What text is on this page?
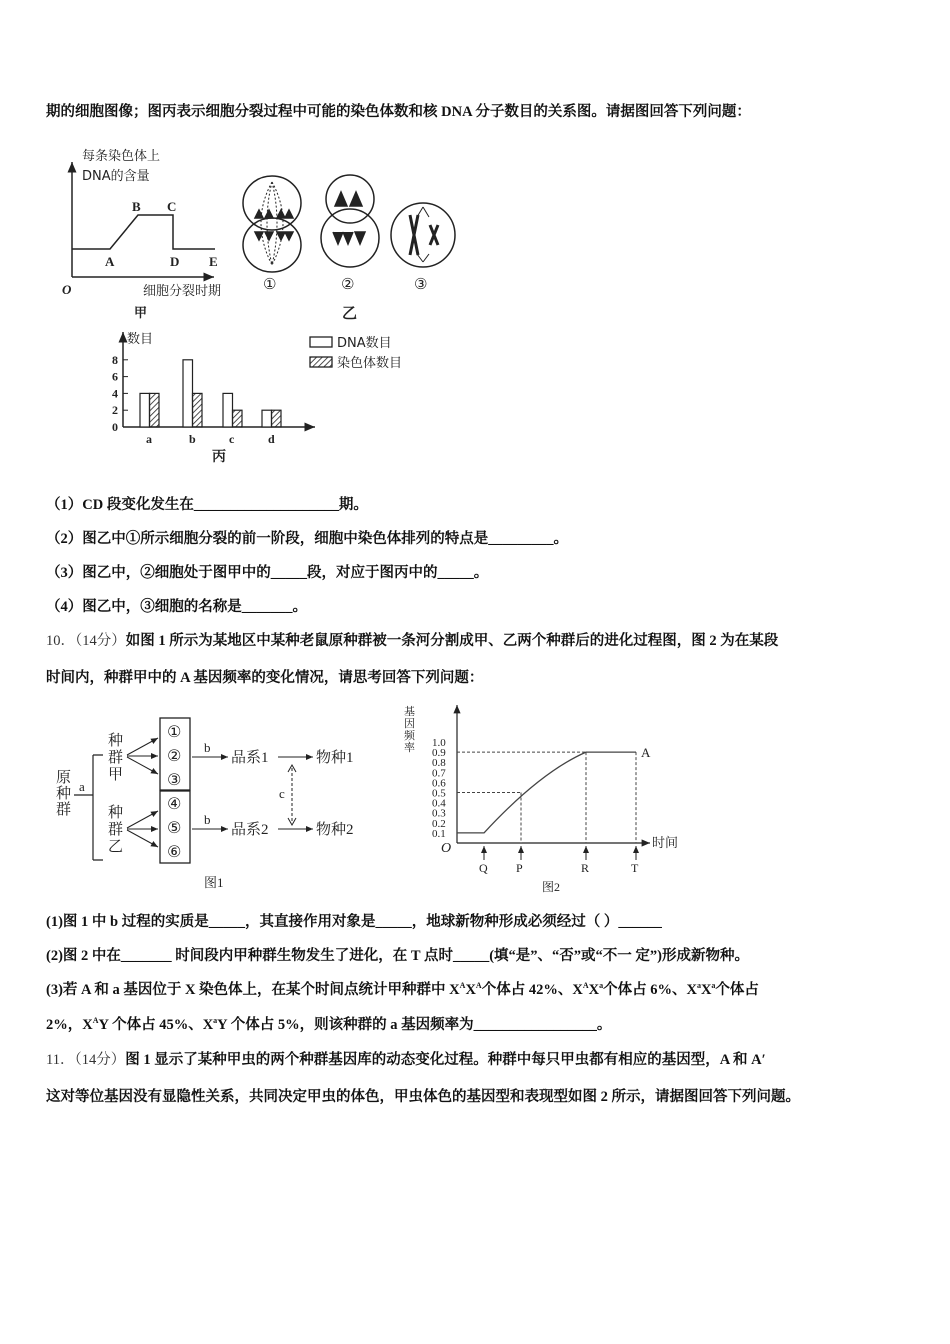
每条染色体上
DNA的含量
O	细胞分裂时期
A
B C
D E
甲
①	②	③
乙
数目
0
2
4
6
8
a	b	c	d
丙
DNA数目
染色体数目
原
种
群
a
种
群
甲
种
群
乙
①
②
③
④
⑤
⑥
b
b
品系1
品系2
物种1
物种2
c
图1
基
因
频
率
0.1
0.2
0.3
0.4
0.5
0.6
0.7
0.8
0.9
1.0
Q P	R	T
O	时间
A
图2
期的细胞图像；图丙表示细胞分裂过程中可能的染色体数和核 DNA 分子数目的关系图。请据图回答下列问题：
（1）CD 段变化发生在____________________期。
（2）图乙中①所示细胞分裂的前一阶段，细胞中染色体排列的特点是_________。
（3）图乙中，②细胞处于图甲中的_____段，对应于图丙中的_____。
（4）图乙中，③细胞的名称是_______。
10．（14分）如图 1 所示为某地区中某种老鼠原种群被一条河分割成甲、乙两个种群后的进化过程图，图 2 为在某段
时间内，种群甲中的 A 基因频率的变化情况，请思考回答下列问题：
(1)图 1 中 b 过程的实质是_____，其直接作用对象是_____，地球新物种形成必须经过（ ）______
(2)图 2 中在_______ 时间段内甲种群生物发生了进化，在 T 点时_____(填“是”、“否”或“不一 定”)形成新物种。
(3)若 A 和 a 基因位于 X 染色体上，在某个时间点统计甲种群中 $X^AX^A$个体占 42%、$X^AX^a$个体占 6%、$X^aX^a$个体占
2%，$X^AY$ 个体占 45%、$X^aY$ 个体占 5%，则该种群的 a 基因频率为_________________。
11．（14分）图 1 显示了某种甲虫的两个种群基因库的动态变化过程。种群中每只甲虫都有相应的基因型，A 和 A′
这对等位基因没有显隐性关系，共同决定甲虫的体色，甲虫体色的基因型和表现型如图 2 所示，请据图回答下列问题。
